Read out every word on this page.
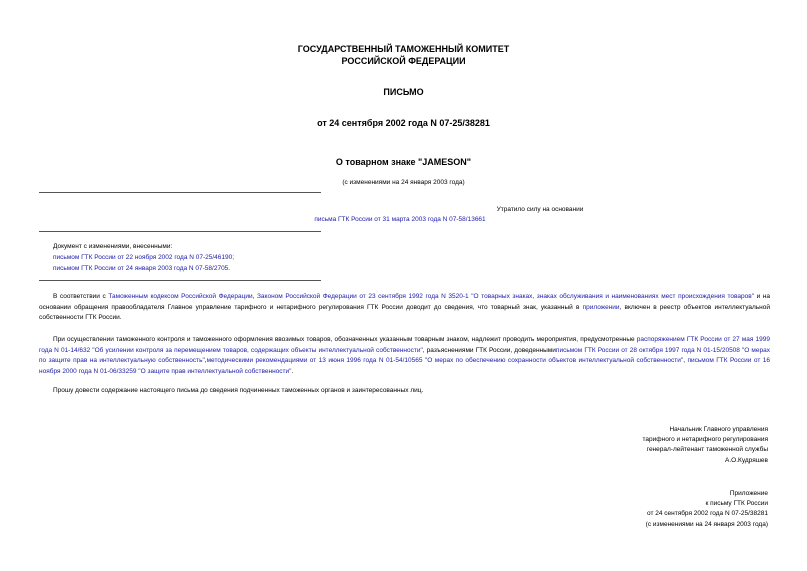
ГОСУДАРСТВЕННЫЙ ТАМОЖЕННЫЙ КОМИТЕТ
РОССИЙСКОЙ ФЕДЕРАЦИИ
ПИСЬМО
от 24 сентября 2002 года N 07-25/38281
О товарном знаке "JAMESON"
(с изменениями на 24 января 2003 года)
Утратило силу на основании
письма ГТК России от 31 марта 2003 года N 07-58/13661
Документ с изменениями, внесенными:
письмом ГТК России от 22 ноября 2002 года N 07-25/46190;
письмом ГТК России от 24 января 2003 года N 07-58/2705.
В соответствии с Таможенным кодексом Российской Федерации, Законом Российской Федерации от 23 сентября 1992 года N 3520-1 "О товарных знаках, знаках обслуживания и наименованиях мест происхождения товаров" и на основании обращения правообладателя Главное управление тарифного и нетарифного регулирования ГТК России доводит до сведения, что товарный знак, указанный в приложении, включен в реестр объектов интеллектуальной собственности ГТК России.
При осуществлении таможенного контроля и таможенного оформления ввозимых товаров, обозначенных указанным товарным знаком, надлежит проводить мероприятия, предусмотренные распоряжением ГТК России от 27 мая 1999 года N 01-14/632 "Об усилении контроля за перемещением товаров, содержащих объекты интеллектуальной собственности", разъяснениями ГТК России, доведеннымиписьмом ГТК России от 28 октября 1997 года N 01-15/20508 "О мерах по защите прав на интеллектуальную собственность",методическими рекомендациями от 13 июня 1996 года N 01-54/10565 "О мерах по обеспечению сохранности объектов интеллектуальной собственности", письмом ГТК России от 16 ноября 2000 года N 01-06/33259 "О защите прав интеллектуальной собственности".
Прошу довести содержание настоящего письма до сведения подчиненных таможенных органов и заинтересованных лиц.
Начальник Главного управления
тарифного и нетарифного регулирования
генерал-лейтенант таможенной службы
А.О.Кудряшев
Приложение
к письму ГТК России
от 24 сентября 2002 года N 07-25/38281
(с изменениями на 24 января 2003 года)
